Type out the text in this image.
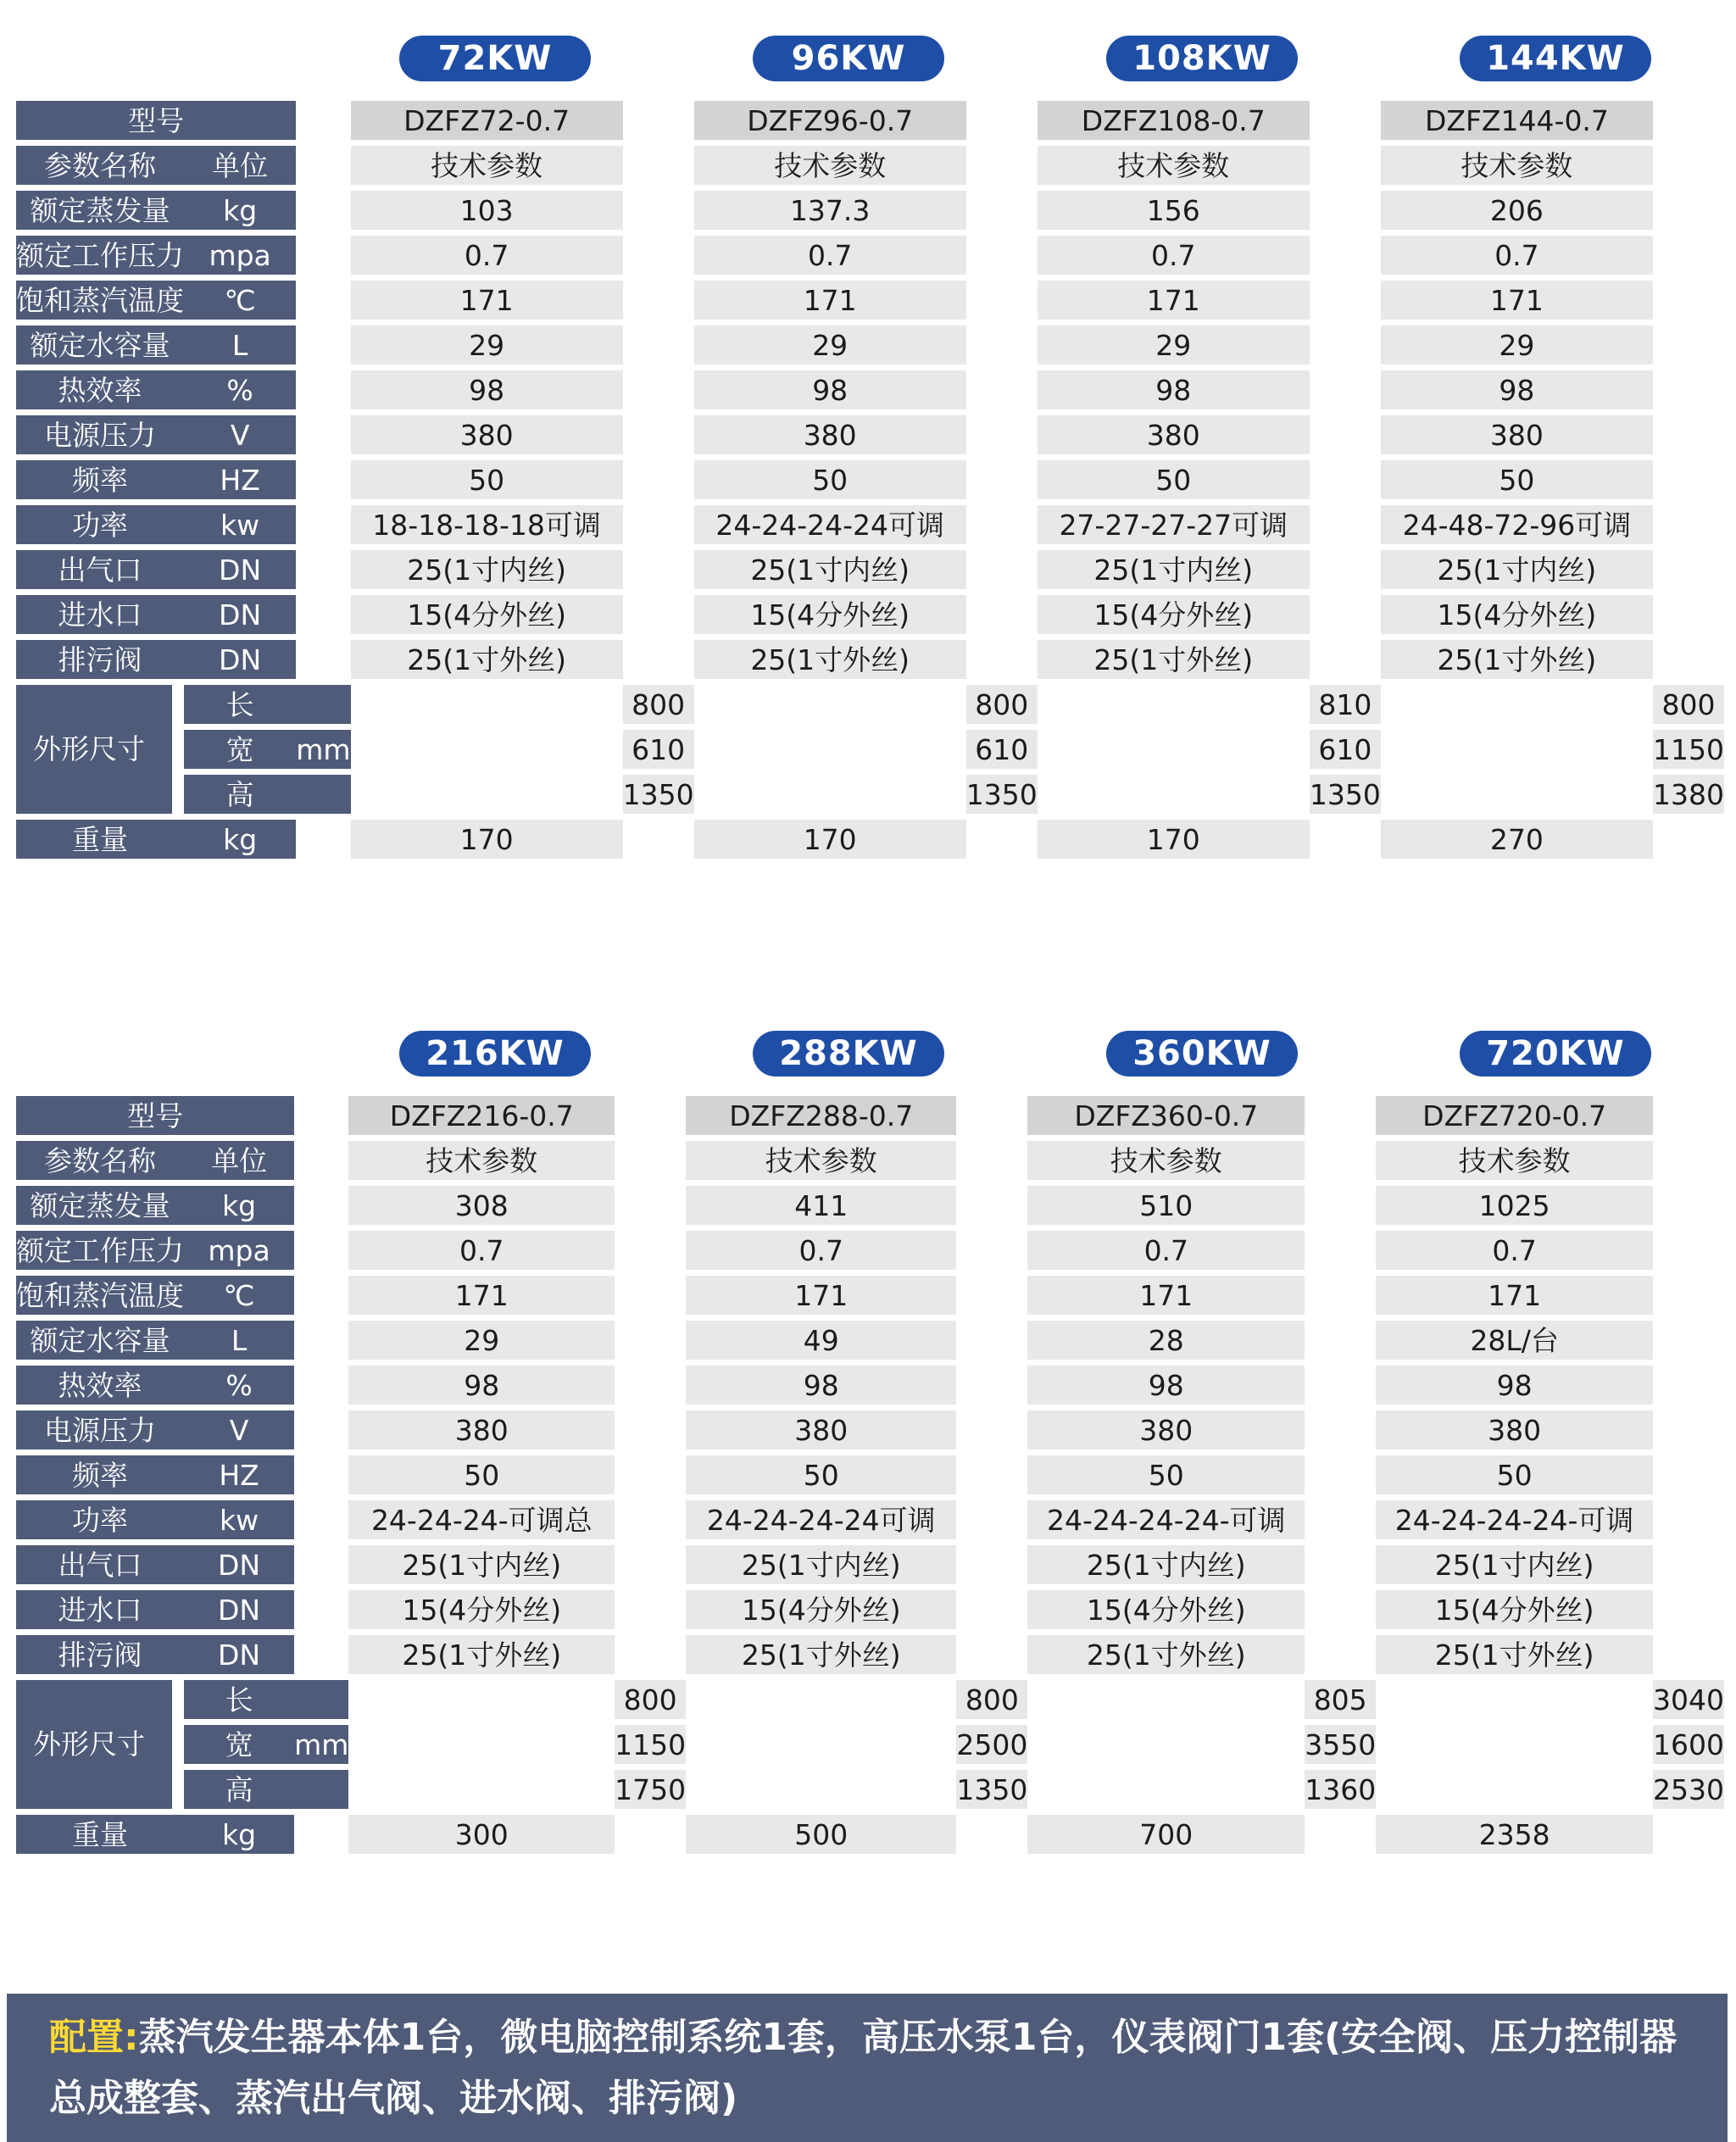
72KW	96KW	108KW	144KW
型号				DZFZ72-0.7		DZFZ96-0.7		DZFZ108-0.7		DZFZ144-0.7	
参数名称		单位		技术参数		技术参数		技术参数		技术参数	
额定蒸发量		kg		103		137.3		156		206	
额定工作压力		mpa		0.7		0.7		0.7		0.7	
饱和蒸汽温度		℃		171		171		171		171	
额定水容量		L		29		29		29		29	
热效率		%		98		98		98		98	
电源压力		V		380		380		380		380	
频率		HZ		50		50		50		50	
功率		kw		18-18-18-18可调		24-24-24-24可调		27-27-27-27可调		24-48-72-96可调	
出气口		DN		25(1寸内丝)		25(1寸内丝)		25(1寸内丝)		25(1寸内丝)	
进水口		DN		15(4分外丝)		15(4分外丝)		15(4分外丝)		15(4分外丝)	
排污阀		DN		25(1寸外丝)		25(1寸外丝)		25(1寸外丝)		25(1寸外丝)	
外形尺寸		长			800		800		810		800
		宽	mm		610		610		610		1150
		高			1350		1350		1350		1380
重量		kg		170		170		170		270	
216KW	288KW	360KW	720KW
型号				DZFZ216-0.7		DZFZ288-0.7		DZFZ360-0.7		DZFZ720-0.7	
参数名称		单位		技术参数		技术参数		技术参数		技术参数	
额定蒸发量		kg		308		411		510		1025	
额定工作压力		mpa		0.7		0.7		0.7		0.7	
饱和蒸汽温度		℃		171		171		171		171	
额定水容量		L		29		49		28		28L/台	
热效率		%		98		98		98		98	
电源压力		V		380		380		380		380	
频率		HZ		50		50		50		50	
功率		kw		24-24-24-可调总		24-24-24-24可调		24-24-24-24-可调		24-24-24-24-可调	
出气口		DN		25(1寸内丝)		25(1寸内丝)		25(1寸内丝)		25(1寸内丝)	
进水口		DN		15(4分外丝)		15(4分外丝)		15(4分外丝)		15(4分外丝)	
排污阀		DN		25(1寸外丝)		25(1寸外丝)		25(1寸外丝)		25(1寸外丝)	
外形尺寸		长			800		800		805		3040
		宽	mm		1150		2500		3550		1600
		高			1750		1350		1360		2530
重量		kg		300		500		700		2358	
配置:蒸汽发生器本体1台，微电脑控制系统1套，高压水泵1台，仪表阀门1套(安全阀、压力控制器总成整套、蒸汽出气阀、进水阀、排污阀)
